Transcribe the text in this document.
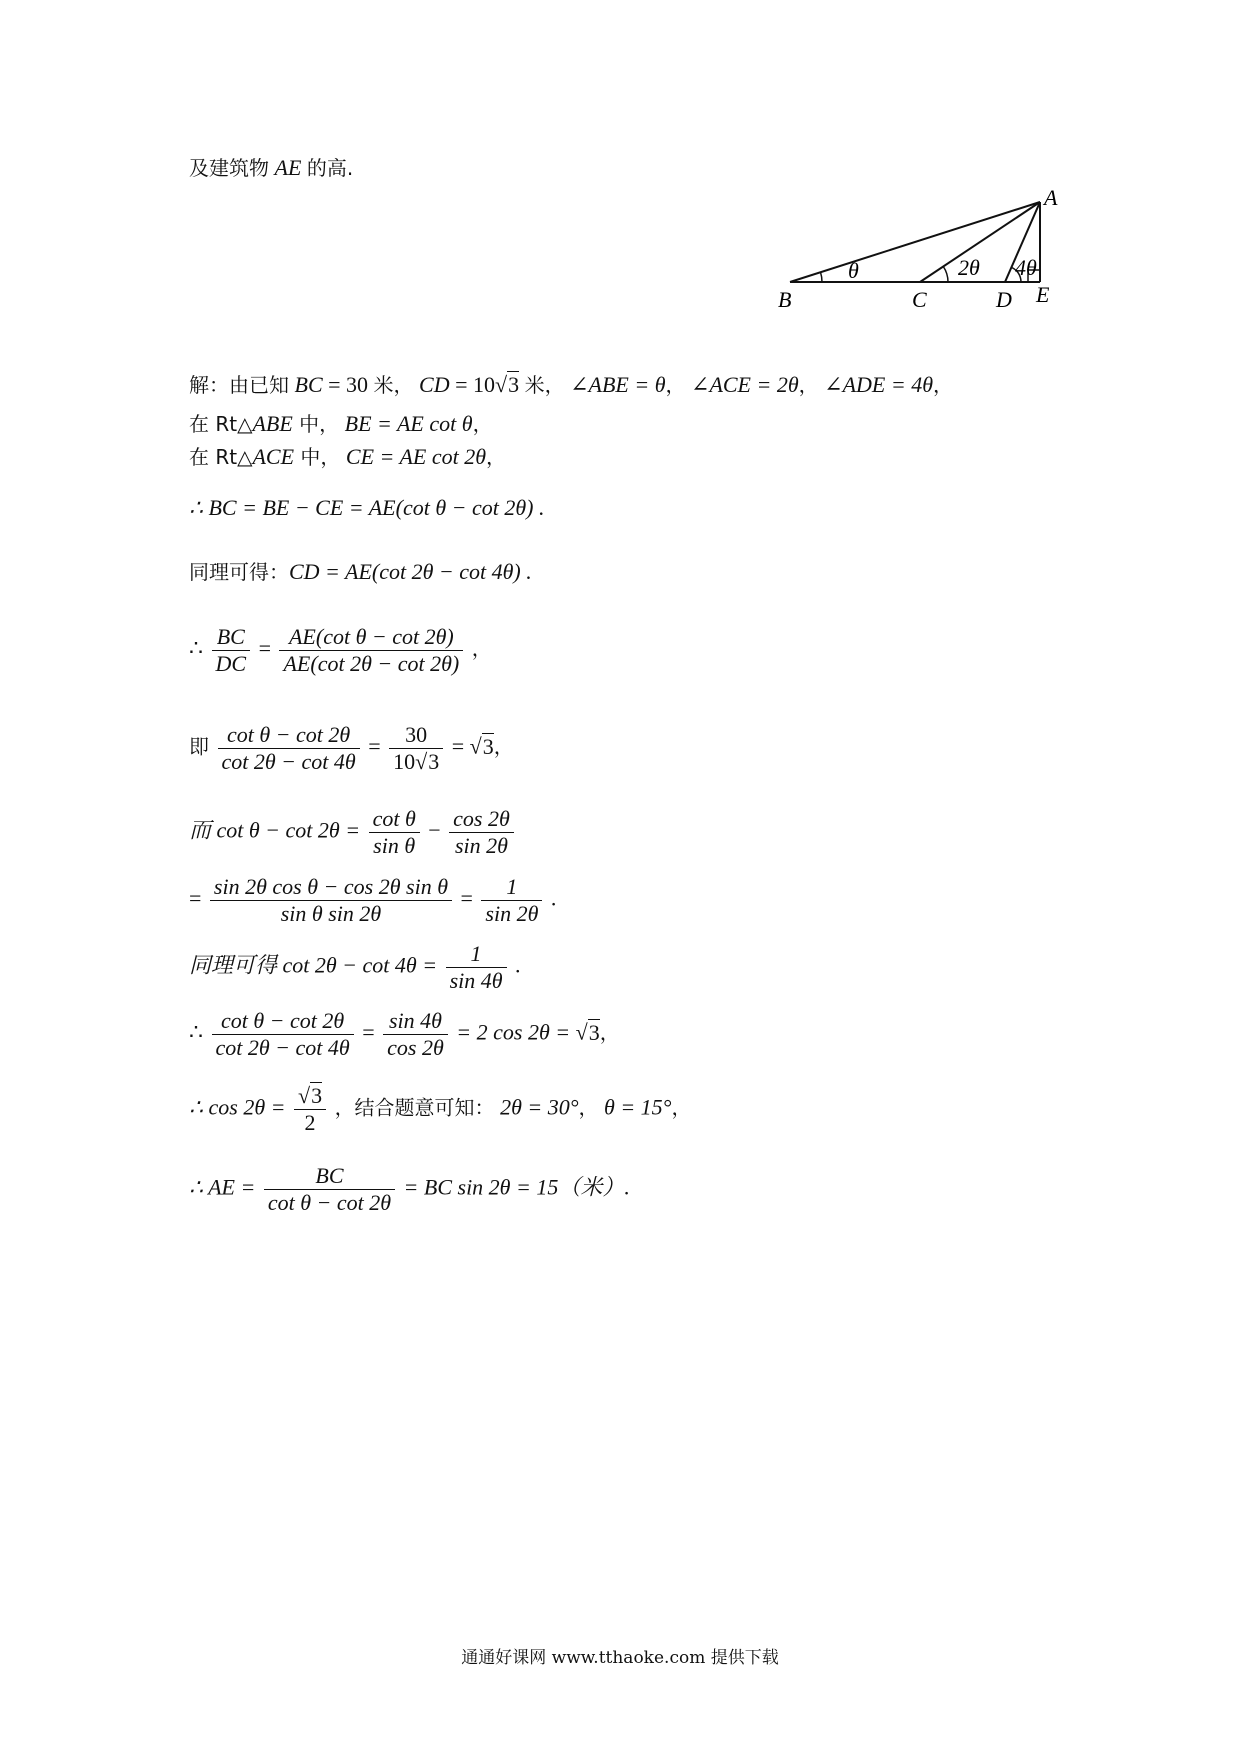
及建筑物 AE 的高.
A
B	C	D E
θ	2θ 4θ
解：由已知 BC = 30 米， CD = 10√3 米， ∠ABE = θ， ∠ACE = 2θ， ∠ADE = 4θ，
在 Rt△ABE 中， BE = AE cot θ，
在 Rt△ACE 中， CE = AE cot 2θ，
∴ BC = BE − CE = AE(cot θ − cot 2θ) .
同理可得：CD = AE(cot 2θ − cot 4θ) .
∴ $\frac{BC}{DC} = \frac{\text{AE(cot θ − cot 2θ)}}{AE(\cot 2\theta - \cot 2\theta)}$ ，
即 $\frac{\text{cot θ − cot 2θ}}{\cot 2\theta - \cot 4\theta} = \frac{30}{10√3} = √3$，
而 $\cot \theta - \cot 2\theta = \frac{\text{cot θ}}{\text{sin θ}} - \frac{\cos 2\theta}{\sin 2\theta}$
= $\frac{\text{sin 2θ cos θ − cos 2θ sin θ}}{\text{sin θ sin 2θ}} = \frac{1}{\sin 2\theta}$ .
同理可得 $\cot 2\theta - \cot 4\theta = \frac{1}{\sin 4\theta}$ .
∴ $\frac{\text{cot θ − cot 2θ}}{\cot 2\theta - \cot 4\theta} = \frac{\sin 4\theta}{\cos 2\theta} = 2$ cos 2θ = √3，
∴ $\cos 2\theta = \frac{√3}{2}$ ，结合题意可知： 2θ = 30°， θ = 15°，
∴ AE = $\frac{BC}{\text{cot θ − cot 2θ}}$ = BC sin 2θ = 15（米）.
通通好课网 www.tthaoke.com 提供下载
